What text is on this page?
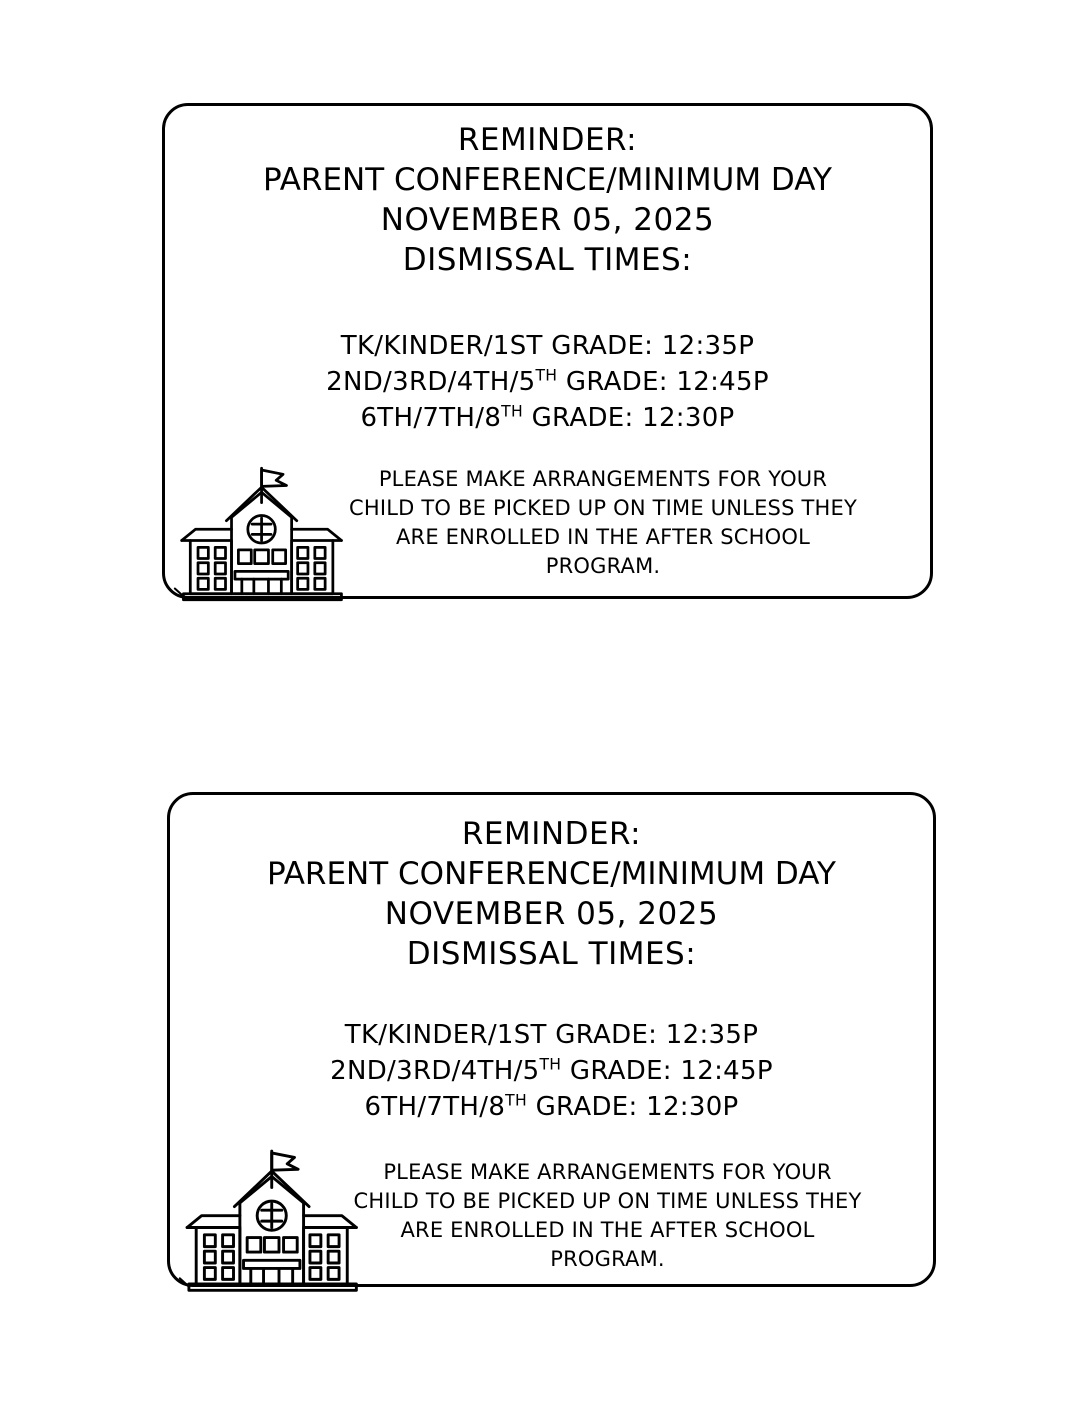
REMINDER:
PARENT CONFERENCE/MINIMUM DAY
NOVEMBER 05, 2025
DISMISSAL TIMES:
TK/KINDER/1ST GRADE: 12:35P
2ND/3RD/4TH/5TH GRADE: 12:45P
6TH/7TH/8TH GRADE: 12:30P
PLEASE MAKE ARRANGEMENTS FOR YOUR
CHILD TO BE PICKED UP ON TIME UNLESS THEY
ARE ENROLLED IN THE AFTER SCHOOL
PROGRAM.
REMINDER:
PARENT CONFERENCE/MINIMUM DAY
NOVEMBER 05, 2025
DISMISSAL TIMES:
TK/KINDER/1ST GRADE: 12:35P
2ND/3RD/4TH/5TH GRADE: 12:45P
6TH/7TH/8TH GRADE: 12:30P
PLEASE MAKE ARRANGEMENTS FOR YOUR
CHILD TO BE PICKED UP ON TIME UNLESS THEY
ARE ENROLLED IN THE AFTER SCHOOL
PROGRAM.
